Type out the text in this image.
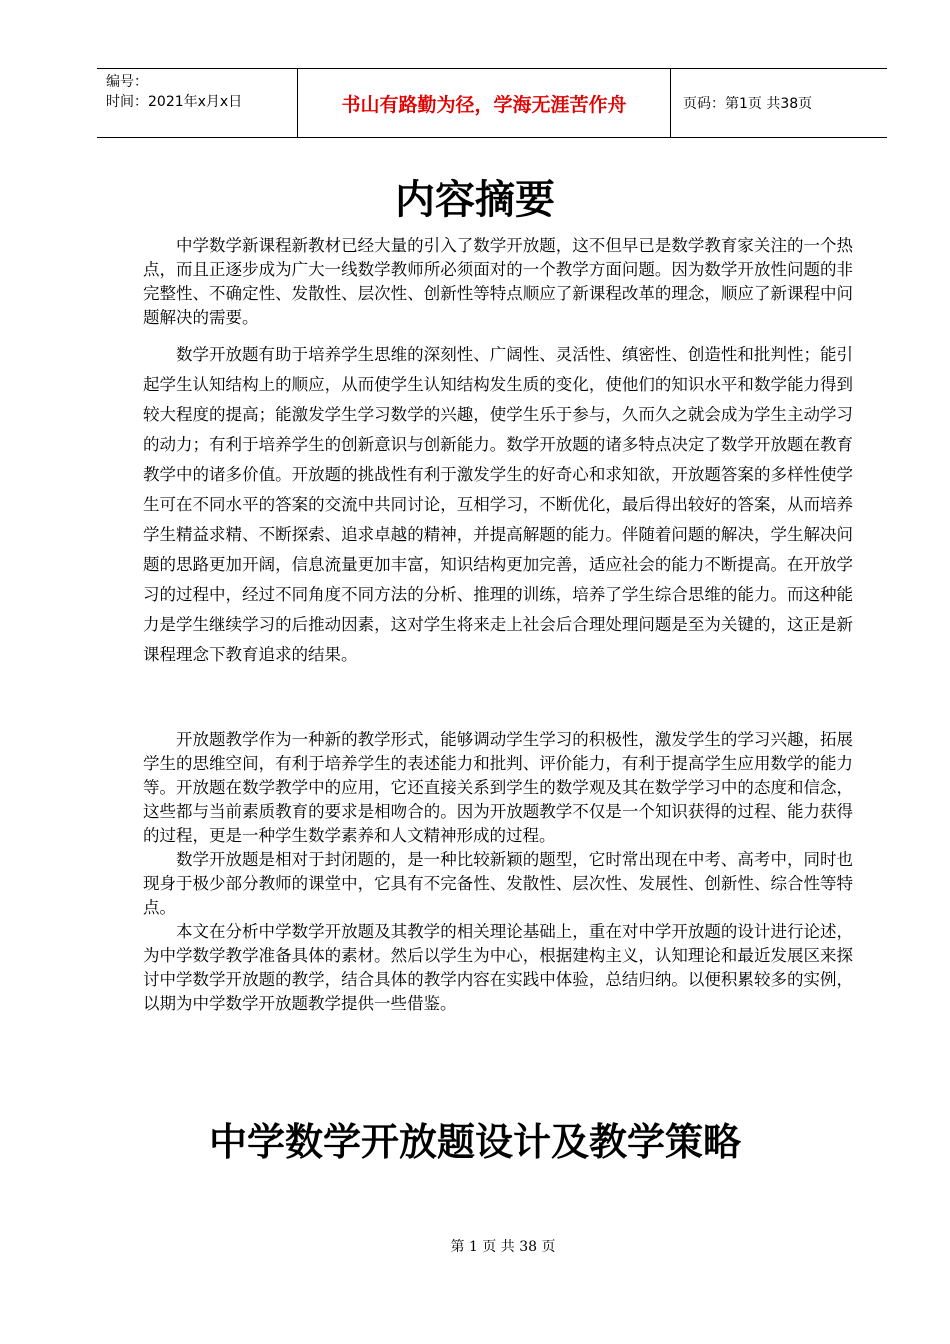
编号：
时间：2021年x月x日	书山有路勤为径，学海无涯苦作舟	页码：第1页 共38页
内容摘要

中学数学新课程新教材已经大量的引入了数学开放题，这不但早已是数学教育家关注的一个热点，而且正逐步成为广大一线数学教师所必须面对的一个教学方面问题。因为数学开放性问题的非完整性、不确定性、发散性、层次性、创新性等特点顺应了新课程改革的理念，顺应了新课程中问题解决的需要。

数学开放题有助于培养学生思维的深刻性、广阔性、灵活性、缜密性、创造性和批判性；能引起学生认知结构上的顺应，从而使学生认知结构发生质的变化，使他们的知识水平和数学能力得到较大程度的提高；能激发学生学习数学的兴趣，使学生乐于参与，久而久之就会成为学生主动学习的动力；有利于培养学生的创新意识与创新能力。数学开放题的诸多特点决定了数学开放题在教育教学中的诸多价值。开放题的挑战性有利于激发学生的好奇心和求知欲，开放题答案的多样性使学生可在不同水平的答案的交流中共同讨论，互相学习，不断优化，最后得出较好的答案，从而培养学生精益求精、不断探索、追求卓越的精神，并提高解题的能力。伴随着问题的解决，学生解决问题的思路更加开阔，信息流量更加丰富，知识结构更加完善，适应社会的能力不断提高。在开放学习的过程中，经过不同角度不同方法的分析、推理的训练，培养了学生综合思维的能力。而这种能力是学生继续学习的后推动因素，这对学生将来走上社会后合理处理问题是至为关键的，这正是新课程理念下教育追求的结果。

开放题教学作为一种新的教学形式，能够调动学生学习的积极性，激发学生的学习兴趣，拓展学生的思维空间，有利于培养学生的表述能力和批判、评价能力，有利于提高学生应用数学的能力等。开放题在数学教学中的应用，它还直接关系到学生的数学观及其在数学学习中的态度和信念，这些都与当前素质教育的要求是相吻合的。因为开放题教学不仅是一个知识获得的过程、能力获得的过程，更是一种学生数学素养和人文精神形成的过程。

数学开放题是相对于封闭题的，是一种比较新颖的题型，它时常出现在中考、高考中，同时也现身于极少部分教师的课堂中，它具有不完备性、发散性、层次性、发展性、创新性、综合性等特点。

本文在分析中学数学开放题及其教学的相关理论基础上，重在对中学开放题的设计进行论述，为中学数学教学准备具体的素材。然后以学生为中心，根据建构主义，认知理论和最近发展区来探讨中学数学开放题的教学，结合具体的教学内容在实践中体验，总结归纳。以便积累较多的实例，以期为中学数学开放题教学提供一些借鉴。

中学数学开放题设计及教学策略
第 1 页 共 38 页
